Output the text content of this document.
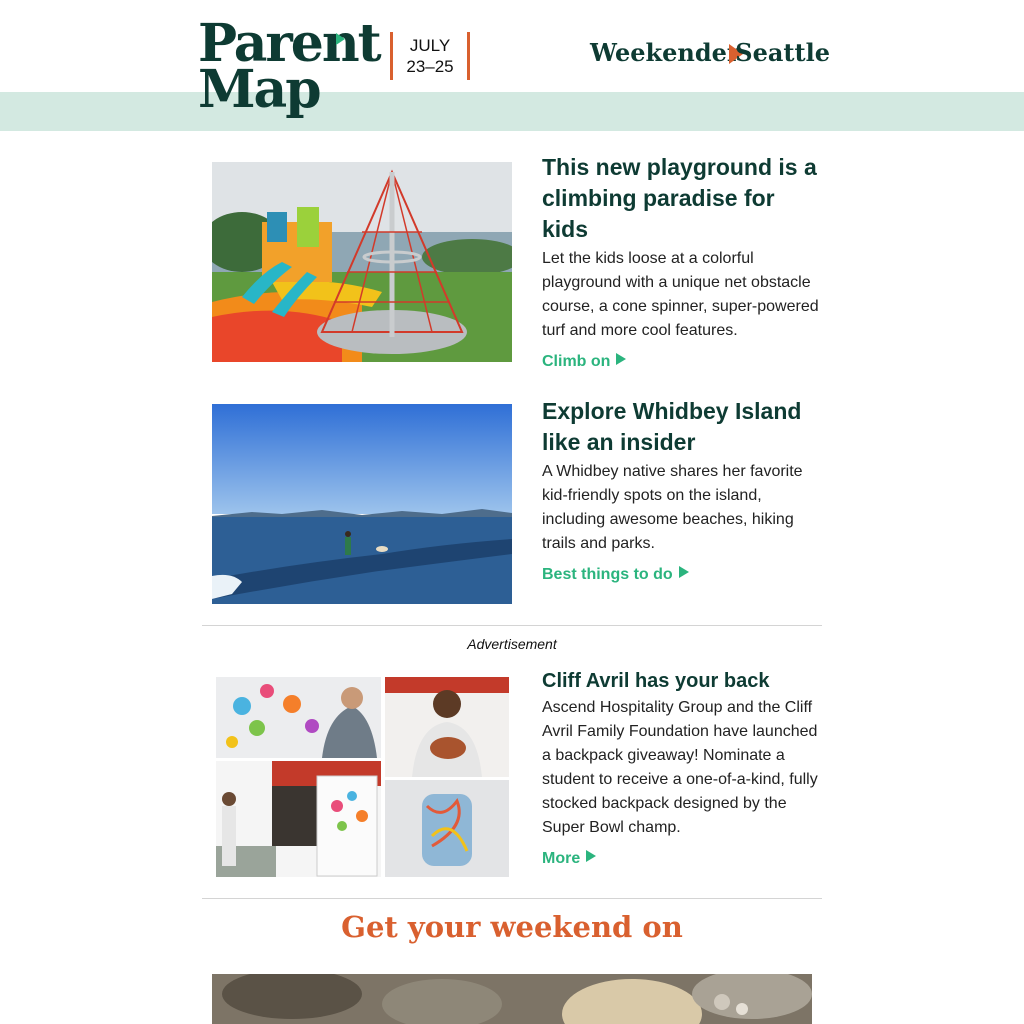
Parent
Map
JULY
23–25	Weekender
Seattle
This new playground is a climbing paradise for kids

Let the kids loose at a colorful playground with a unique net obstacle course, a cone spinner, super-powered turf and more cool features.

Climb on
Explore Whidbey Island like an insider

A Whidbey native shares her favorite kid-friendly spots on the island, including awesome beaches, hiking trails and parks.

Best things to do
Advertisement
Cliff Avril has your back

Ascend Hospitality Group and the Cliff Avril Family Foundation have launched a backpack giveaway! Nominate a student to receive a one-of-a-kind, fully stocked backpack designed by the Super Bowl champ.

More
Get your weekend on
